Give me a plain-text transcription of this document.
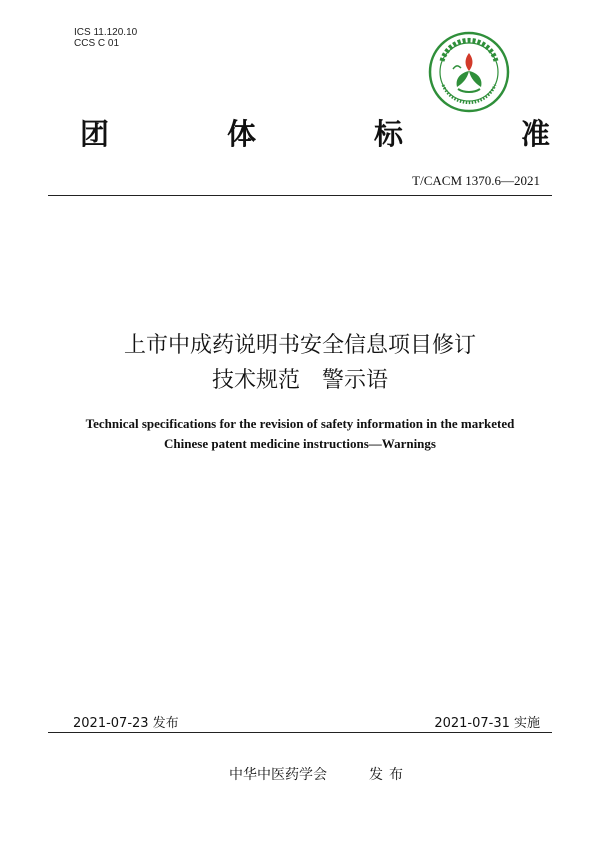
ICS 11.120.10
CCS C 01
团	体	标	准
T/CACM 1370.6—2021
上市中成药说明书安全信息项目修订
技术规范　警示语
Technical specifications for the revision of safety information in the marketed
Chinese patent medicine instructions—Warnings
2021-07-23 发布	2021-07-31 实施
中华中医药学会	发布
